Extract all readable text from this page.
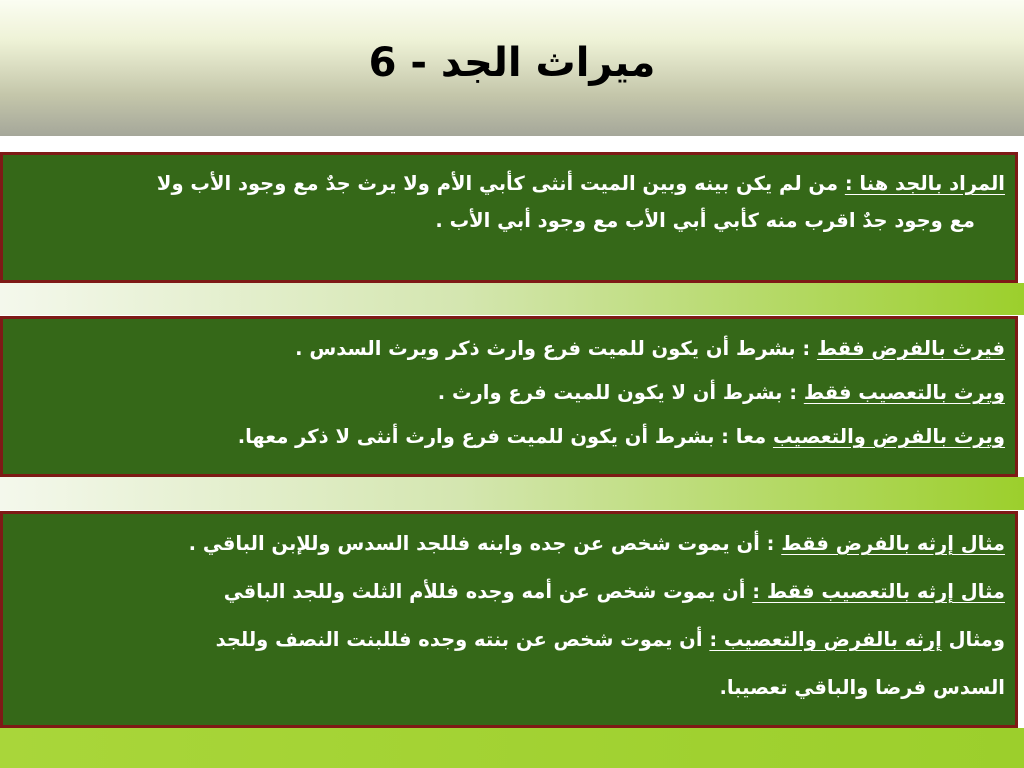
6 - ميراث الجد
المراد بالجد هنا : من لم يكن بينه وبين الميت أنثى كأبي الأم ولا يرث جدٌ مع وجود الأب ولا
مع وجود جدٌ اقرب منه كأبي أبي الأب مع وجود أبي الأب .
فيرث بالفرض فقط : بشرط أن يكون للميت فرع وارث ذكر ويرث السدس .
ويرث بالتعصيب فقط : بشرط أن لا يكون للميت فرع وارث .
ويرث بالفرض والتعصيب معا : بشرط أن يكون للميت فرع وارث أنثى لا ذكر معها.
مثال إرثه بالفرض فقط : أن يموت شخص عن جده وابنه فللجد السدس وللإبن الباقي .
مثال إرثه بالتعصيب فقط : أن يموت شخص عن أمه وجده فللأم الثلث وللجد الباقي
ومثال إرثه بالفرض والتعصيب : أن يموت شخص عن بنته وجده فللبنت النصف وللجد
السدس فرضا والباقي تعصيبا.
